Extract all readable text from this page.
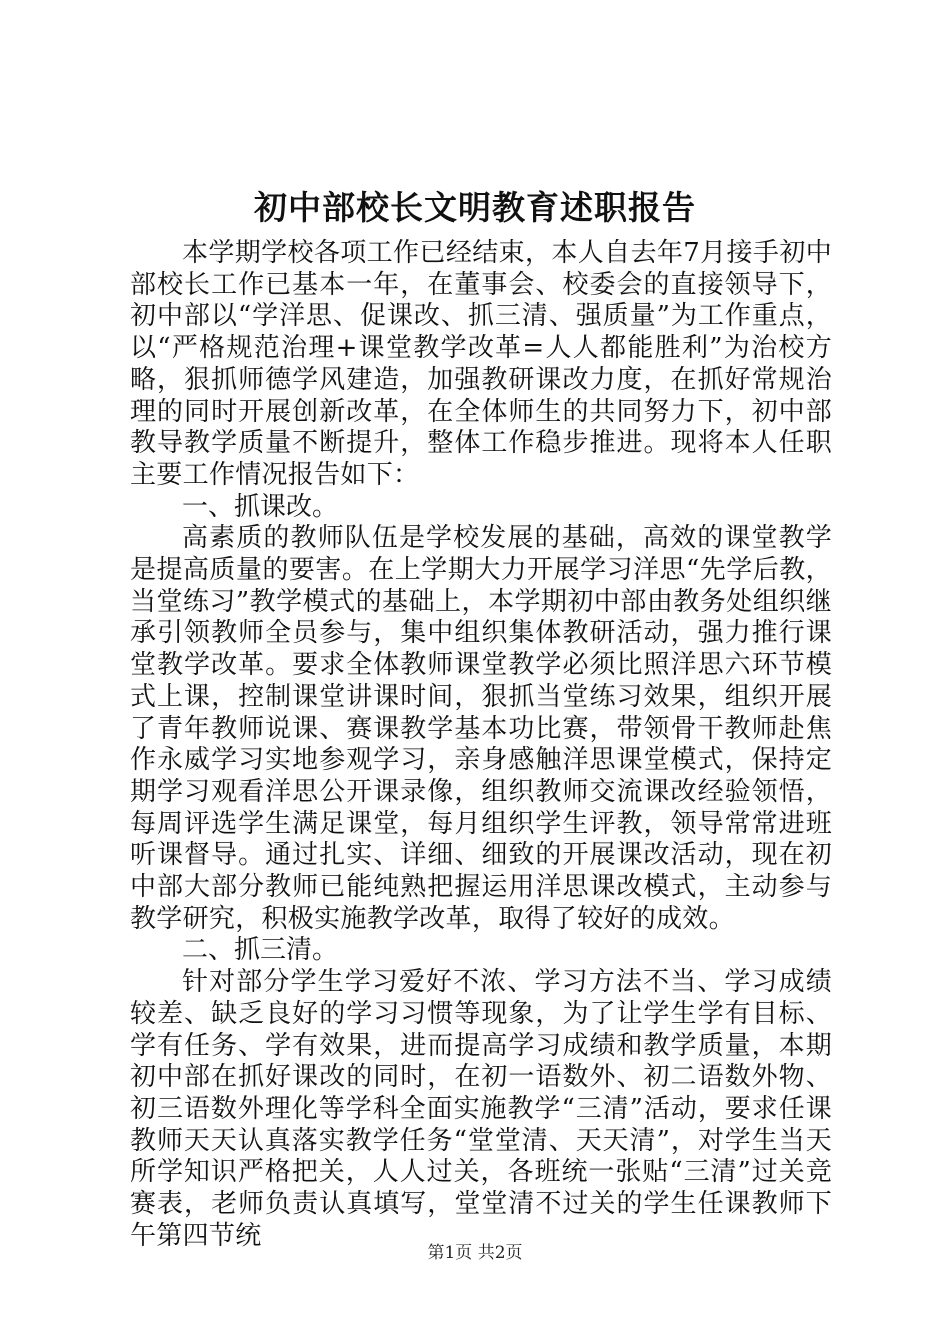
初中部校长文明教育述职报告

本学期学校各项工作已经结束，本人自去年7月接手初中部校长工作已基本一年，在董事会、校委会的直接领导下，初中部以“学洋思、促课改、抓三清、强质量”为工作重点，以“严格规范治理+课堂教学改革=人人都能胜利”为治校方略，狠抓师德学风建造，加强教研课改力度，在抓好常规治理的同时开展创新改革，在全体师生的共同努力下，初中部教导教学质量不断提升，整体工作稳步推进。现将本人任职主要工作情况报告如下：

一、抓课改。

高素质的教师队伍是学校发展的基础，高效的课堂教学是提高质量的要害。在上学期大力开展学习洋思“先学后教，当堂练习”教学模式的基础上，本学期初中部由教务处组织继承引领教师全员参与，集中组织集体教研活动，强力推行课堂教学改革。要求全体教师课堂教学必须比照洋思六环节模式上课，控制课堂讲课时间，狠抓当堂练习效果，组织开展了青年教师说课、赛课教学基本功比赛，带领骨干教师赴焦作永威学习实地参观学习，亲身感触洋思课堂模式，保持定期学习观看洋思公开课录像，组织教师交流课改经验领悟，每周评选学生满足课堂，每月组织学生评教，领导常常进班听课督导。通过扎实、详细、细致的开展课改活动，现在初中部大部分教师已能纯熟把握运用洋思课改模式，主动参与教学研究，积极实施教学改革，取得了较好的成效。

二、抓三清。

针对部分学生学习爱好不浓、学习方法不当、学习成绩较差、缺乏良好的学习习惯等现象，为了让学生学有目标、学有任务、学有效果，进而提高学习成绩和教学质量，本期初中部在抓好课改的同时，在初一语数外、初二语数外物、初三语数外理化等学科全面实施教学“三清”活动，要求任课教师天天认真落实教学任务“堂堂清、天天清”，对学生当天所学知识严格把关，人人过关，各班统一张贴“三清”过关竞赛表，老师负责认真填写，堂堂清不过关的学生任课教师下午第四节统

第1页 共2页
